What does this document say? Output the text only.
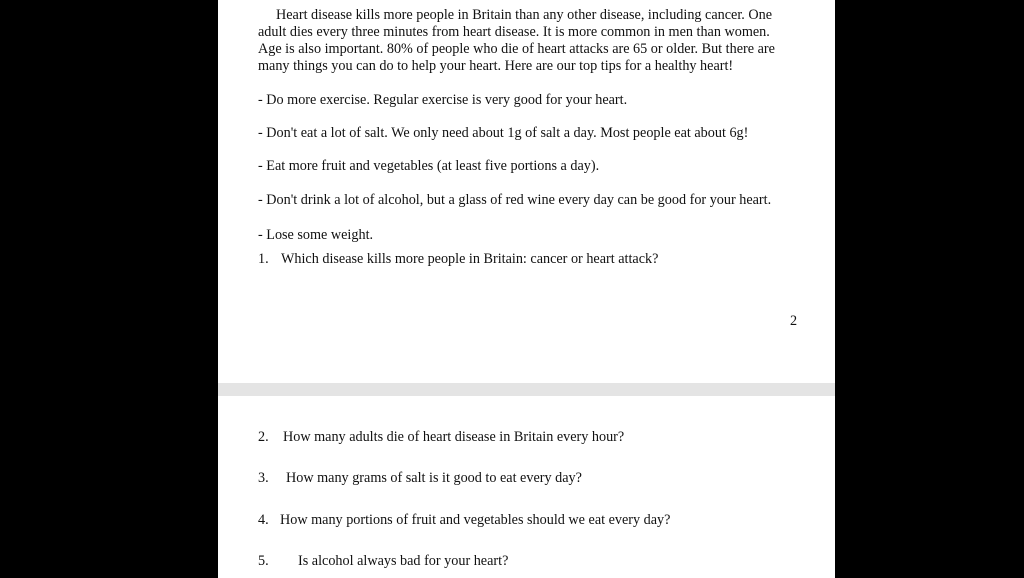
Heart disease kills more people in Britain than any other disease, including cancer. One
adult dies every three minutes from heart disease. It is more common in men than women.
Age is also important. 80% of people who die of heart attacks are 65 or older. But there are
many things you can do to help your heart. Here are our top tips for a healthy heart!
- Do more exercise. Regular exercise is very good for your heart.
- Don't eat a lot of salt. We only need about 1g of salt a day. Most people eat about 6g!
- Eat more fruit and vegetables (at least five portions a day).
- Don't drink a lot of alcohol, but a glass of red wine every day can be good for your heart.
- Lose some weight.
1. Which disease kills more people in Britain: cancer or heart attack?
2
2. How many adults die of heart disease in Britain every hour?
3. How many grams of salt is it good to eat every day?
4. How many portions of fruit and vegetables should we eat every day?
5. Is alcohol always bad for your heart?
